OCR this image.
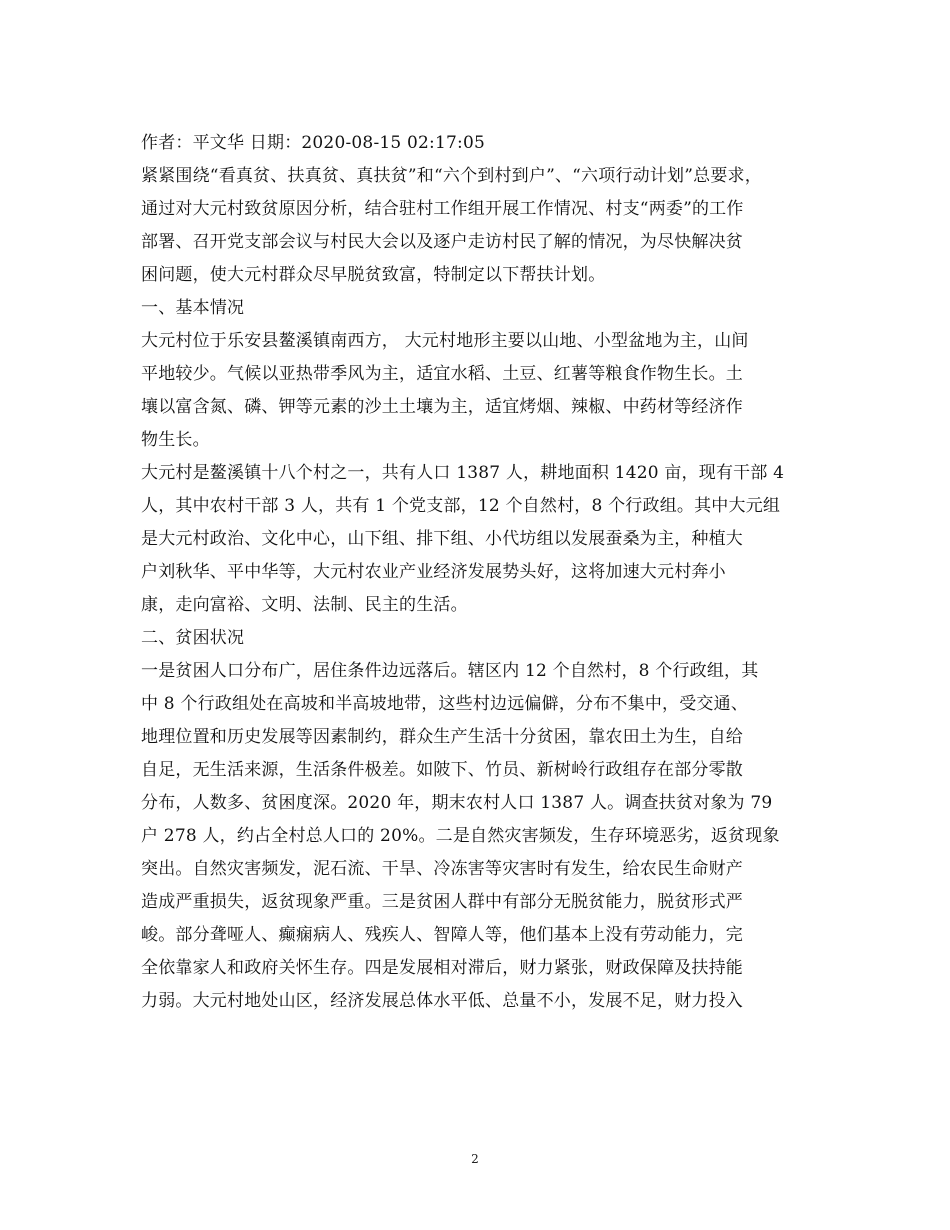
作者：平文华 日期：2020-08-15 02:17:05
紧紧围绕“看真贫、扶真贫、真扶贫”和“六个到村到户”、“六项行动计划”总要求，
通过对大元村致贫原因分析，结合驻村工作组开展工作情况、村支“两委”的工作
部署、召开党支部会议与村民大会以及逐户走访村民了解的情况，为尽快解决贫
困问题，使大元村群众尽早脱贫致富，特制定以下帮扶计划。
一、基本情况
大元村位于乐安县鳌溪镇南西方， 大元村地形主要以山地、小型盆地为主，山间
平地较少。气候以亚热带季风为主，适宜水稻、土豆、红薯等粮食作物生长。土
壤以富含氮、磷、钾等元素的沙土土壤为主，适宜烤烟、辣椒、中药材等经济作
物生长。
大元村是鳌溪镇十八个村之一，共有人口 1387 人，耕地面积 1420 亩，现有干部 4
人，其中农村干部 3 人，共有 1 个党支部，12 个自然村，8 个行政组。其中大元组
是大元村政治、文化中心，山下组、排下组、小代坊组以发展蚕桑为主，种植大
户刘秋华、平中华等，大元村农业产业经济发展势头好，这将加速大元村奔小
康，走向富裕、文明、法制、民主的生活。
二、贫困状况
一是贫困人口分布广，居住条件边远落后。辖区内 12 个自然村，8 个行政组，其
中 8 个行政组处在高坡和半高坡地带，这些村边远偏僻，分布不集中，受交通、
地理位置和历史发展等因素制约，群众生产生活十分贫困，靠农田土为生，自给
自足，无生活来源，生活条件极差。如陂下、竹员、新树岭行政组存在部分零散
分布，人数多、贫困度深。2020 年，期末农村人口 1387 人。调查扶贫对象为 79
户 278 人，约占全村总人口的 20%。二是自然灾害频发，生存环境恶劣，返贫现象
突出。自然灾害频发，泥石流、干旱、冷冻害等灾害时有发生，给农民生命财产
造成严重损失，返贫现象严重。三是贫困人群中有部分无脱贫能力，脱贫形式严
峻。部分聋哑人、癫痫病人、残疾人、智障人等，他们基本上没有劳动能力，完
全依靠家人和政府关怀生存。四是发展相对滞后，财力紧张，财政保障及扶持能
力弱。大元村地处山区，经济发展总体水平低、总量不小，发展不足，财力投入
2
